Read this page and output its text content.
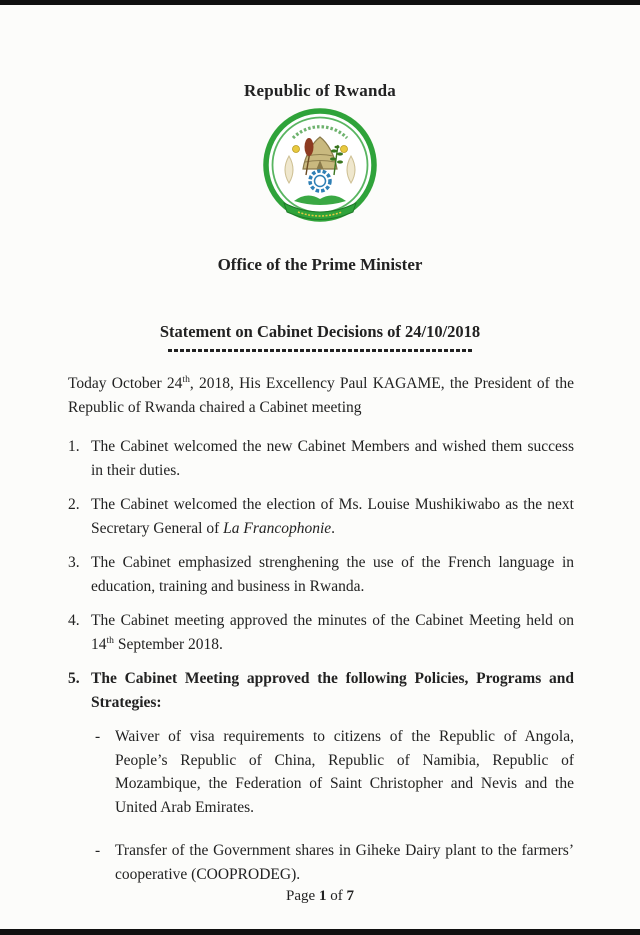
Republic of Rwanda
Office of the Prime Minister
Statement on Cabinet Decisions of 24/10/2018

Today October 24th, 2018, His Excellency Paul KAGAME, the President of the Republic of Rwanda chaired a Cabinet meeting

1. The Cabinet welcomed the new Cabinet Members and wished them success in their duties.
2. The Cabinet welcomed the election of Ms. Louise Mushikiwabo as the next Secretary General of La Francophonie.
3. The Cabinet emphasized strenghening the use of the French language in education, training and business in Rwanda.
4. The Cabinet meeting approved the minutes of the Cabinet Meeting held on 14th September 2018.
5. The Cabinet Meeting approved the following Policies, Programs and Strategies:
- Waiver of visa requirements to citizens of the Republic of Angola, People’s Republic of China, Republic of Namibia, Republic of Mozambique, the Federation of Saint Christopher and Nevis and the United Arab Emirates.
- Transfer of the Government shares in Giheke Dairy plant to the farmers’ cooperative (COOPRODEG).
Page 1 of 7
